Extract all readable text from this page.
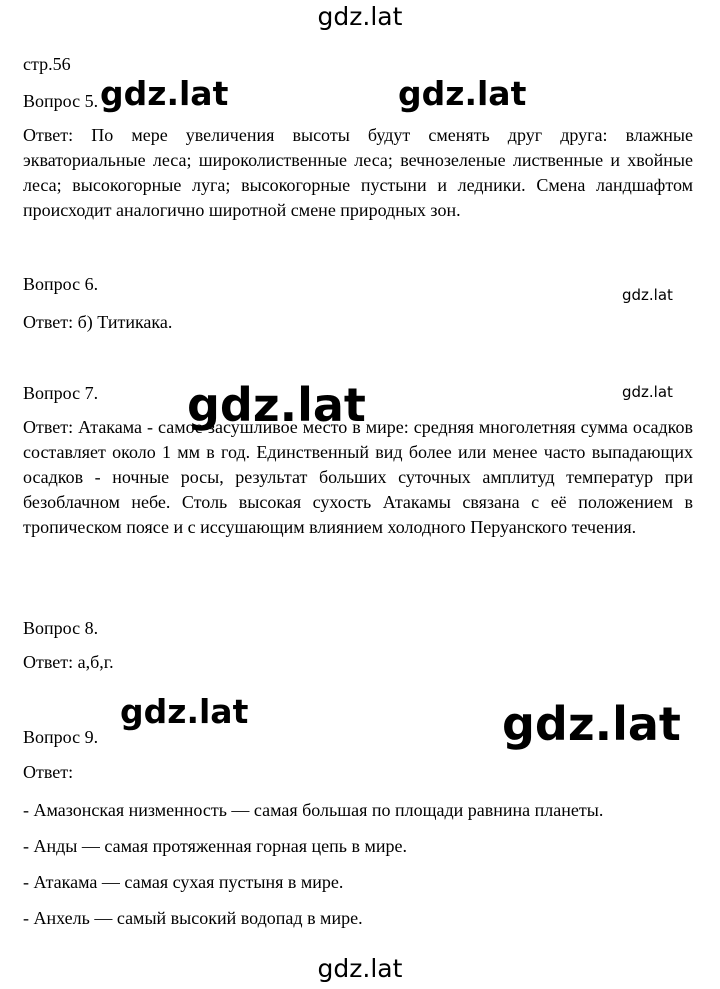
gdz.lat
стр.56
Вопрос 5.
Ответ: По мере увеличения высоты будут сменять друг друга: влажные экваториальные леса; широколиственные леса; вечнозеленые лиственные и хвойные леса; высокогорные луга; высокогорные пустыни и ледники. Смена ландшафтом происходит аналогично широтной смене природных зон.
Вопрос 6.
Ответ: б) Титикака.
Вопрос 7.
Ответ: Атакама - самое засушливое место в мире: средняя многолетняя сумма осадков составляет около 1 мм в год. Единственный вид более или менее часто выпадающих осадков - ночные росы, результат больших суточных амплитуд температур при безоблачном небе. Столь высокая сухость Атакамы связана с её положением в тропическом поясе и с иссушающим влиянием холодного Перуанского течения.
Вопрос 8.
Ответ: а,б,г.
Вопрос 9.
Ответ:
- Амазонская низменность — самая большая по площади равнина планеты.
- Анды — самая протяженная горная цепь в мире.
- Атакама — самая сухая пустыня в мире.
- Анхель — самый высокий водопад в мире.
gdz.lat	gdz.lat
gdz.lat
gdz.lat
gdz.lat
gdz.lat	gdz.lat
gdz.lat
